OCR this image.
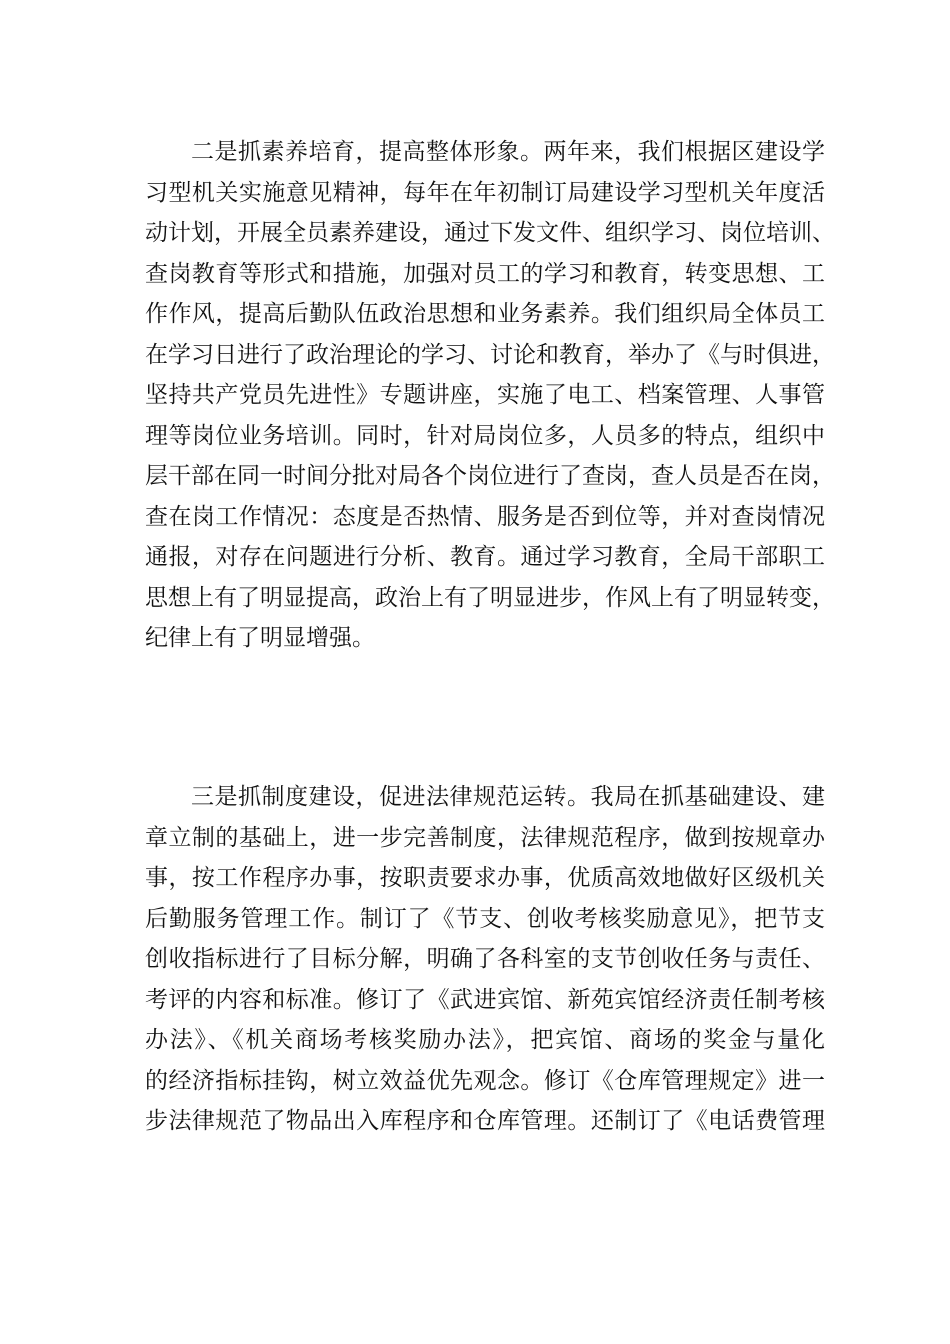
二是抓素养培育，提高整体形象。两年来，我们根据区建设学
习型机关实施意见精神，每年在年初制订局建设学习型机关年度活
动计划，开展全员素养建设，通过下发文件、组织学习、岗位培训、
查岗教育等形式和措施，加强对员工的学习和教育，转变思想、工
作作风，提高后勤队伍政治思想和业务素养。我们组织局全体员工
在学习日进行了政治理论的学习、讨论和教育，举办了《与时俱进，
坚持共产党员先进性》专题讲座，实施了电工、档案管理、人事管
理等岗位业务培训。同时，针对局岗位多，人员多的特点，组织中
层干部在同一时间分批对局各个岗位进行了查岗，查人员是否在岗，
查在岗工作情况：态度是否热情、服务是否到位等，并对查岗情况
通报，对存在问题进行分析、教育。通过学习教育，全局干部职工
思想上有了明显提高，政治上有了明显进步，作风上有了明显转变，
纪律上有了明显增强。
三是抓制度建设，促进法律规范运转。我局在抓基础建设、建
章立制的基础上，进一步完善制度，法律规范程序，做到按规章办
事，按工作程序办事，按职责要求办事，优质高效地做好区级机关
后勤服务管理工作。制订了《节支、创收考核奖励意见》，把节支
创收指标进行了目标分解，明确了各科室的支节创收任务与责任、
考评的内容和标准。修订了《武进宾馆、新苑宾馆经济责任制考核
办法》、《机关商场考核奖励办法》，把宾馆、商场的奖金与量化
的经济指标挂钩，树立效益优先观念。修订《仓库管理规定》进一
步法律规范了物品出入库程序和仓库管理。还制订了《电话费管理
